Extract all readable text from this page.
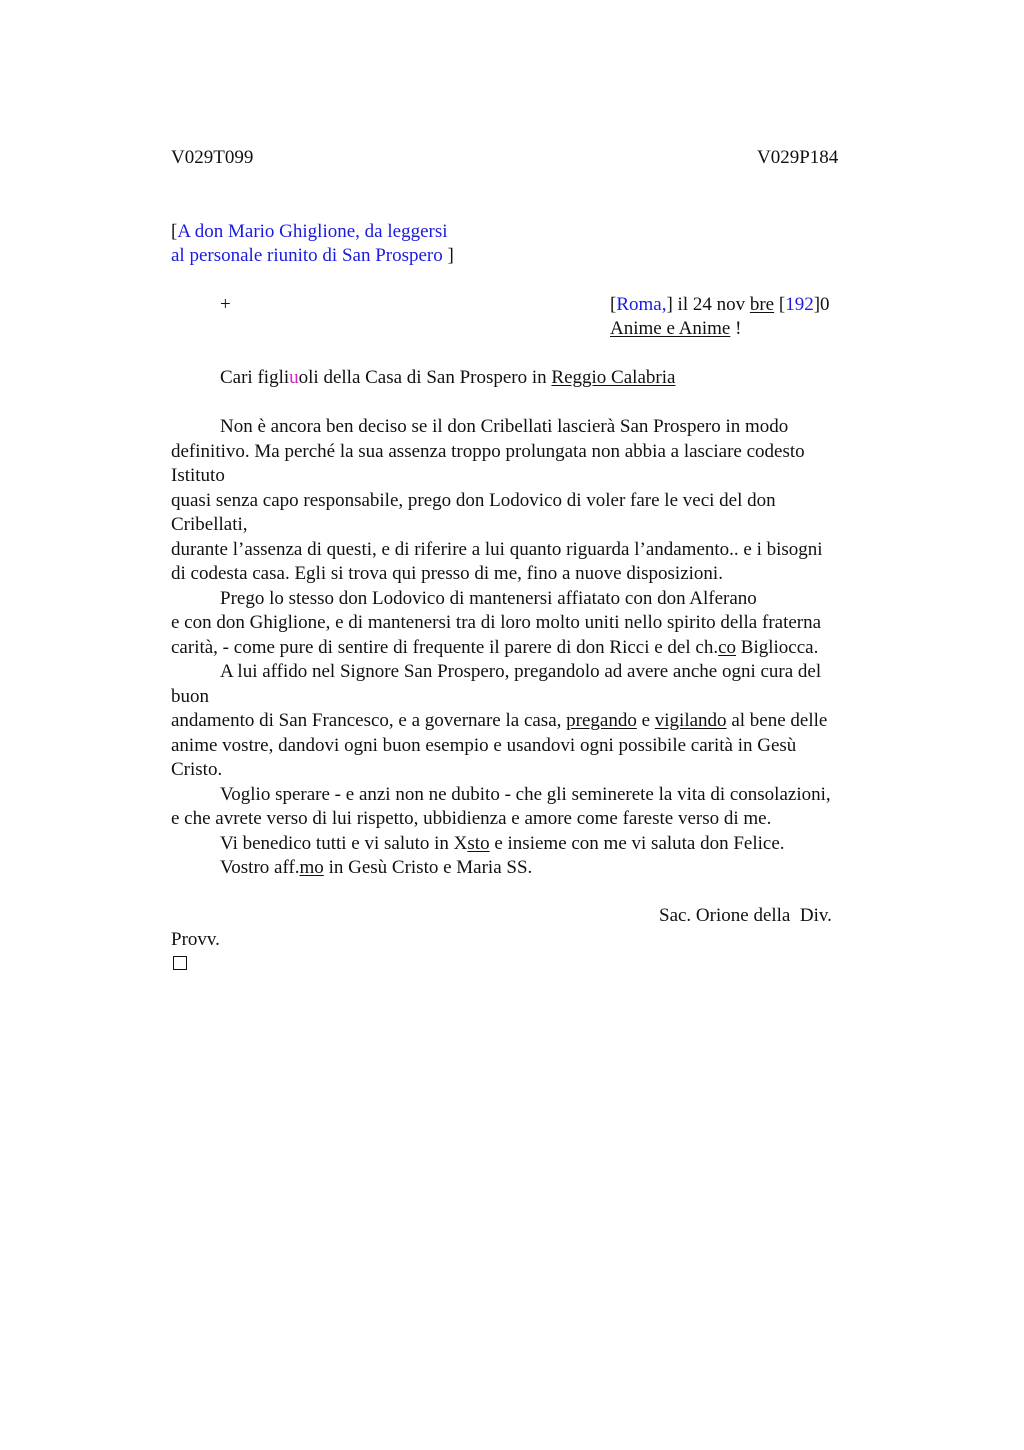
V029T099	V029P184
[A don Mario Ghiglione, da leggersi
al personale riunito di San Prospero ]
+	[Roma,] il 24 nov bre [192]0
Anime e Anime !
Cari figliuoli della Casa di San Prospero in Reggio Calabria

Non è ancora ben deciso se il don Cribellati lascierà San Prospero in modo

definitivo. Ma perché la sua assenza troppo prolungata non abbia a lasciare codesto

Istituto

quasi senza capo responsabile, prego don Lodovico di voler fare le veci del don

Cribellati,

durante l’assenza di questi, e di riferire a lui quanto riguarda l’andamento.. e i bisogni

di codesta casa. Egli si trova qui presso di me, fino a nuove disposizioni.

Prego lo stesso don Lodovico di mantenersi affiatato con don Alferano

e con don Ghiglione, e di mantenersi tra di loro molto uniti nello spirito della fraterna

carità, - come pure di sentire di frequente il parere di don Ricci e del ch.co Bigliocca.

A lui affido nel Signore San Prospero, pregandolo ad avere anche ogni cura del

buon

andamento di San Francesco, e a governare la casa, pregando e vigilando al bene delle

anime vostre, dandovi ogni buon esempio e usandovi ogni possibile carità in Gesù

Cristo.

Voglio sperare - e anzi non ne dubito - che gli seminerete la vita di consolazioni,

e che avrete verso di lui rispetto, ubbidienza e amore come fareste verso di me.

Vi benedico tutti e vi saluto in Xsto e insieme con me vi saluta don Felice.

Vostro aff.mo in Gesù Cristo e Maria SS.

Sac. Orione della  Div.
Provv.
